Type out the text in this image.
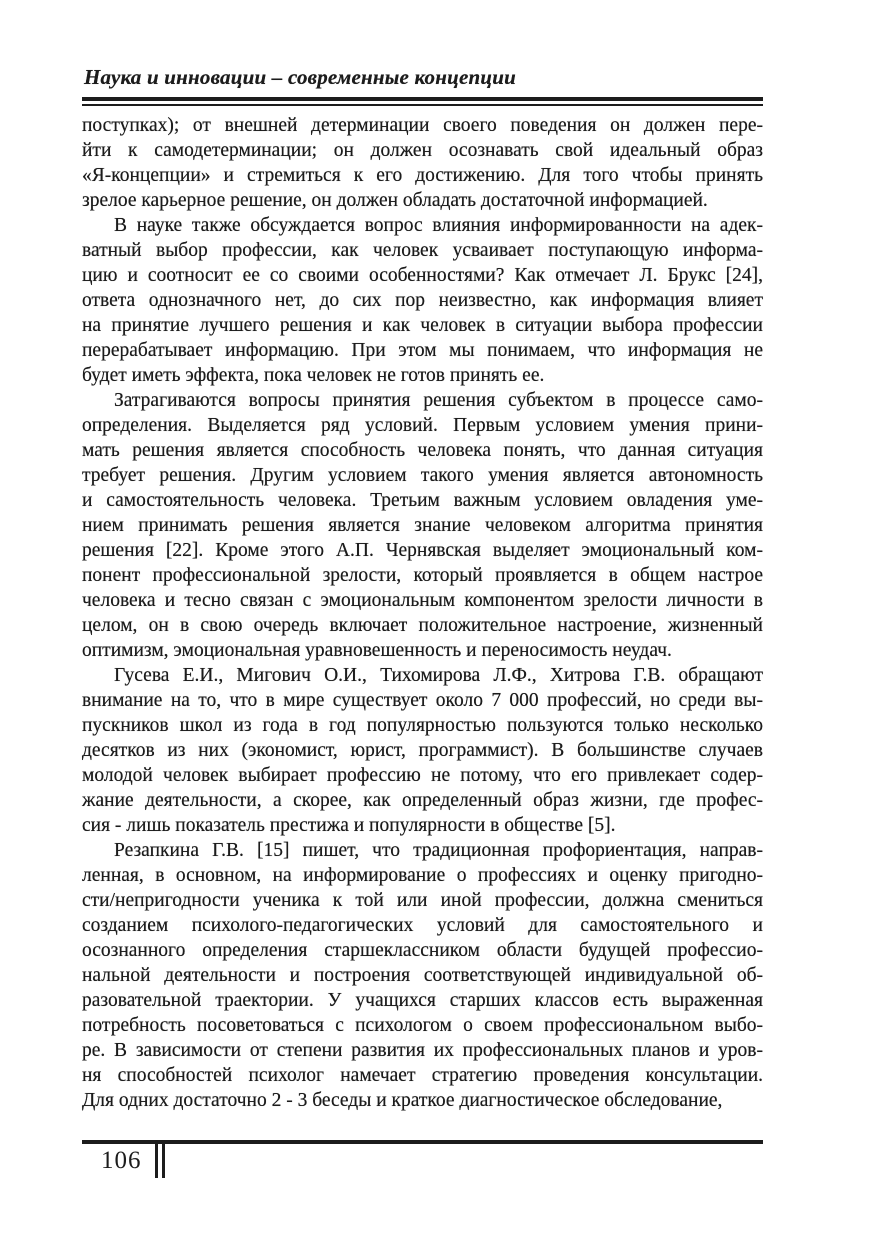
Наука и инновации – современные концепции
поступках); от внешней детерминации своего поведения он должен пере-
йти к самодетерминации; он должен осознавать свой идеальный образ
«Я-концепции» и стремиться к его достижению. Для того чтобы принять
зрелое карьерное решение, он должен обладать достаточной информацией.
В науке также обсуждается вопрос влияния информированности на адек-
ватный выбор профессии, как человек усваивает поступающую информа-
цию и соотносит ее со своими особенностями? Как отмечает Л. Брукс [24],
ответа однозначного нет, до сих пор неизвестно, как информация влияет
на принятие лучшего решения и как человек в ситуации выбора профессии
перерабатывает информацию. При этом мы понимаем, что информация не
будет иметь эффекта, пока человек не готов принять ее.
Затрагиваются вопросы принятия решения субъектом в процессе само-
определения. Выделяется ряд условий. Первым условием умения прини-
мать решения является способность человека понять, что данная ситуация
требует решения. Другим условием такого умения является автономность
и самостоятельность человека. Третьим важным условием овладения уме-
нием принимать решения является знание человеком алгоритма принятия
решения [22]. Кроме этого А.П. Чернявская выделяет эмоциональный ком-
понент профессиональной зрелости, который проявляется в общем настрое
человека и тесно связан с эмоциональным компонентом зрелости личности в
целом, он в свою очередь включает положительное настроение, жизненный
оптимизм, эмоциональная уравновешенность и переносимость неудач.
Гусева Е.И., Мигович О.И., Тихомирова Л.Ф., Хитрова Г.В. обращают
внимание на то, что в мире существует около 7 000 профессий, но среди вы-
пускников школ из года в год популярностью пользуются только несколько
десятков из них (экономист, юрист, программист). В большинстве случаев
молодой человек выбирает профессию не потому, что его привлекает содер-
жание деятельности, а скорее, как определенный образ жизни, где профес-
сия - лишь показатель престижа и популярности в обществе [5].
Резапкина Г.В. [15] пишет, что традиционная профориентация, направ-
ленная, в основном, на информирование о профессиях и оценку пригодно-
сти/непригодности ученика к той или иной профессии, должна смениться
созданием психолого-педагогических условий для самостоятельного и
осознанного определения старшеклассником области будущей профессио-
нальной деятельности и построения соответствующей индивидуальной об-
разовательной траектории. У учащихся старших классов есть выраженная
потребность посоветоваться с психологом о своем профессиональном выбо-
ре. В зависимости от степени развития их профессиональных планов и уров-
ня способностей психолог намечает стратегию проведения консультации.
Для одних достаточно 2 - 3 беседы и краткое диагностическое обследование,
106
